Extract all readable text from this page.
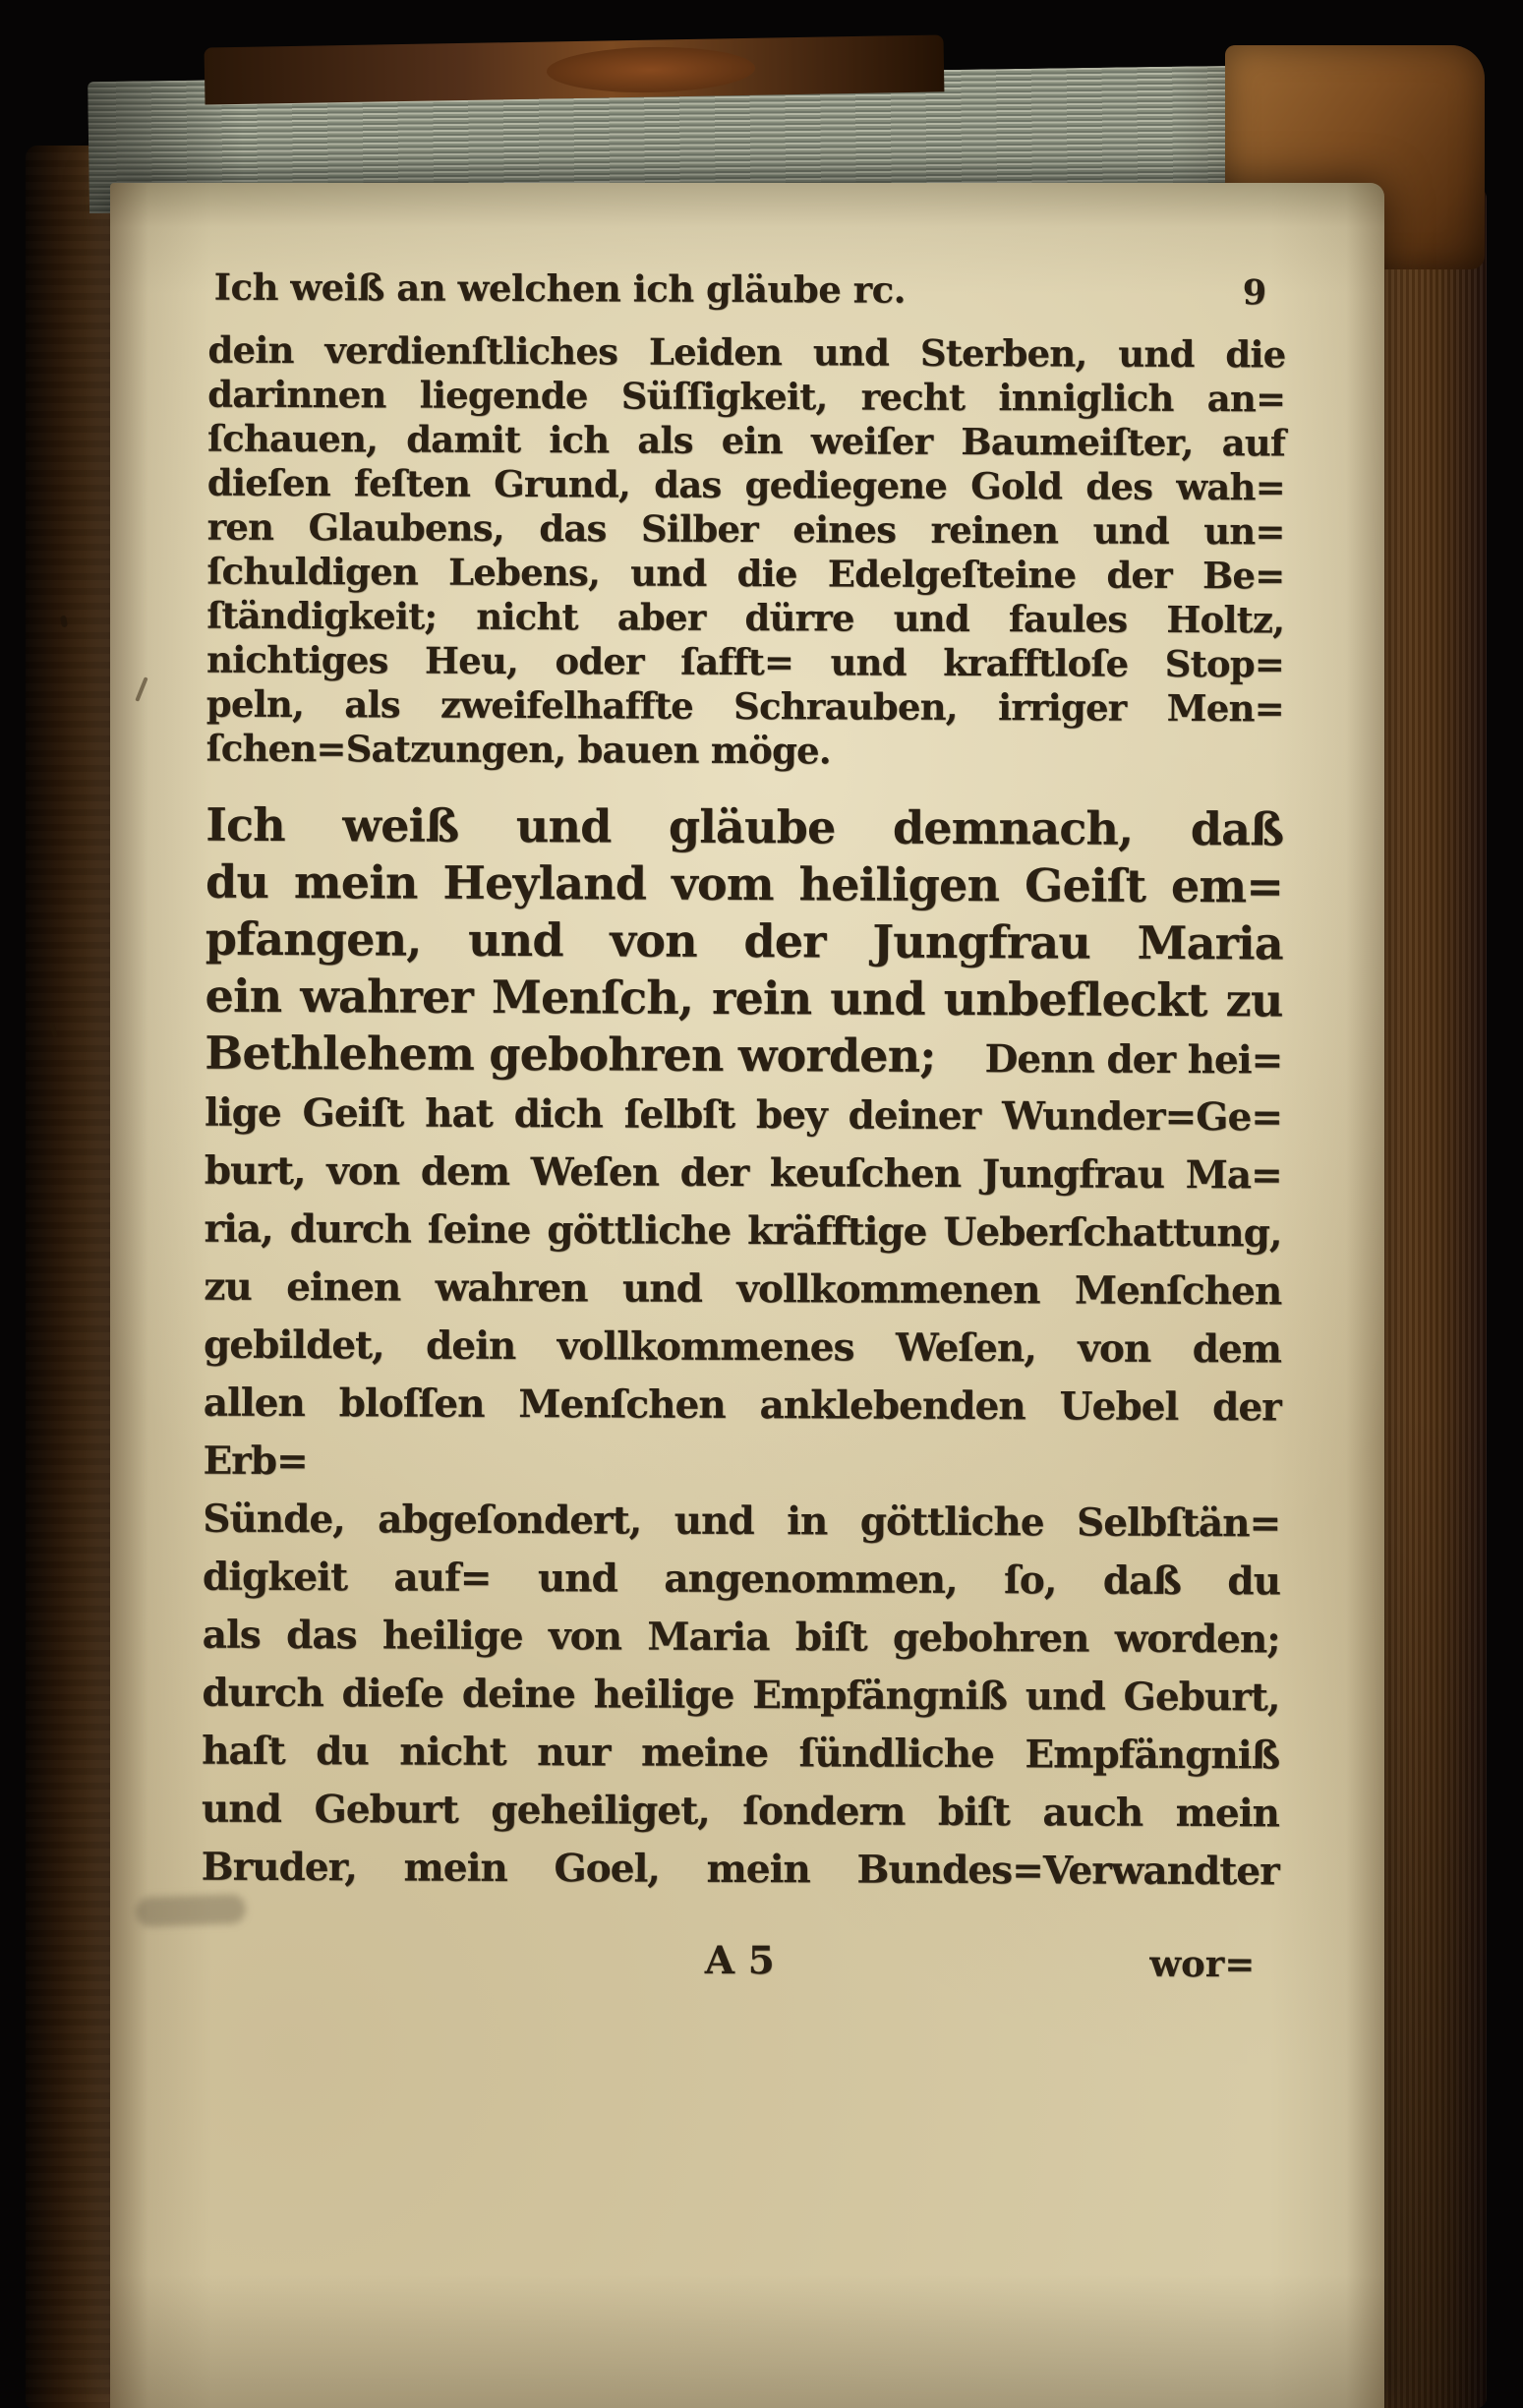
Ich weiß an welchen ich gläube rc.	9
dein verdienſtliches Leiden und Sterben, und die
darinnen liegende Süſſigkeit, recht inniglich an=
ſchauen, damit ich als ein weiſer Baumeiſter, auf
dieſen feſten Grund, das gediegene Gold des wah=
ren Glaubens, das Silber eines reinen und un=
ſchuldigen Lebens, und die Edelgeſteine der Be=
ſtändigkeit; nicht aber dürre und faules Holtz,
nichtiges Heu, oder ſafft= und krafftloſe Stop=
peln, als zweifelhaffte Schrauben, irriger Men=
ſchen=Satzungen, bauen möge.
Ich weiß und gläube demnach, daß
du mein Heyland vom heiligen Geiſt em=
pfangen, und von der Jungfrau Maria
ein wahrer Menſch, rein und unbefleckt zu
Bethlehem gebohren worden; Denn der hei=
lige Geiſt hat dich ſelbſt bey deiner Wunder=Ge=
burt, von dem Weſen der keuſchen Jungfrau Ma=
ria, durch ſeine göttliche kräfftige Ueberſchattung,
zu einen wahren und vollkommenen Menſchen
gebildet, dein vollkommenes Weſen, von dem
allen bloſſen Menſchen anklebenden Uebel der Erb=
Sünde, abgeſondert, und in göttliche Selbſtän=
digkeit auf= und angenommen, ſo, daß du
als das heilige von Maria biſt gebohren worden;
durch dieſe deine heilige Empfängniß und Geburt,
haſt du nicht nur meine ſündliche Empfängniß
und Geburt geheiliget, ſondern biſt auch mein
Bruder, mein Goel, mein Bundes=Verwandter
A 5	wor=
